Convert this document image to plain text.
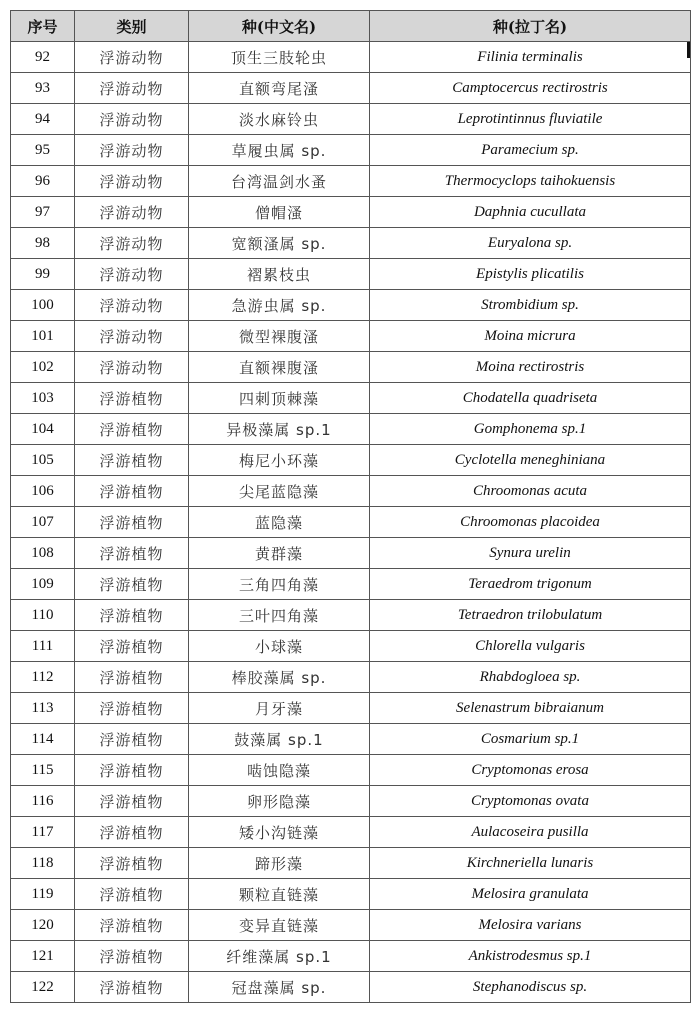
序号	类别	种(中文名)	种(拉丁名)
92	浮游动物	顶生三肢轮虫	Filinia terminalis
93	浮游动物	直额弯尾溞	Camptocercus rectirostris
94	浮游动物	淡水麻铃虫	Leprotintinnus fluviatile
95	浮游动物	草履虫属 sp.	Paramecium sp.
96	浮游动物	台湾温剑水蚤	Thermocyclops taihokuensis
97	浮游动物	僧帽溞	Daphnia cucullata
98	浮游动物	宽额溞属 sp.	Euryalona sp.
99	浮游动物	褶累枝虫	Epistylis plicatilis
100	浮游动物	急游虫属 sp.	Strombidium sp.
101	浮游动物	微型裸腹溞	Moina micrura
102	浮游动物	直额裸腹溞	Moina rectirostris
103	浮游植物	四刺顶棘藻	Chodatella quadriseta
104	浮游植物	异极藻属 sp.1	Gomphonema sp.1
105	浮游植物	梅尼小环藻	Cyclotella meneghiniana
106	浮游植物	尖尾蓝隐藻	Chroomonas acuta
107	浮游植物	蓝隐藻	Chroomonas placoidea
108	浮游植物	黄群藻	Synura urelin
109	浮游植物	三角四角藻	Teraedrom trigonum
110	浮游植物	三叶四角藻	Tetraedron trilobulatum
111	浮游植物	小球藻	Chlorella vulgaris
112	浮游植物	棒胶藻属 sp.	Rhabdogloea sp.
113	浮游植物	月牙藻	Selenastrum bibraianum
114	浮游植物	鼓藻属 sp.1	Cosmarium sp.1
115	浮游植物	啮蚀隐藻	Cryptomonas erosa
116	浮游植物	卵形隐藻	Cryptomonas ovata
117	浮游植物	矮小沟链藻	Aulacoseira pusilla
118	浮游植物	蹄形藻	Kirchneriella lunaris
119	浮游植物	颗粒直链藻	Melosira granulata
120	浮游植物	变异直链藻	Melosira varians
121	浮游植物	纤维藻属 sp.1	Ankistrodesmus sp.1
122	浮游植物	冠盘藻属 sp.	Stephanodiscus sp.
